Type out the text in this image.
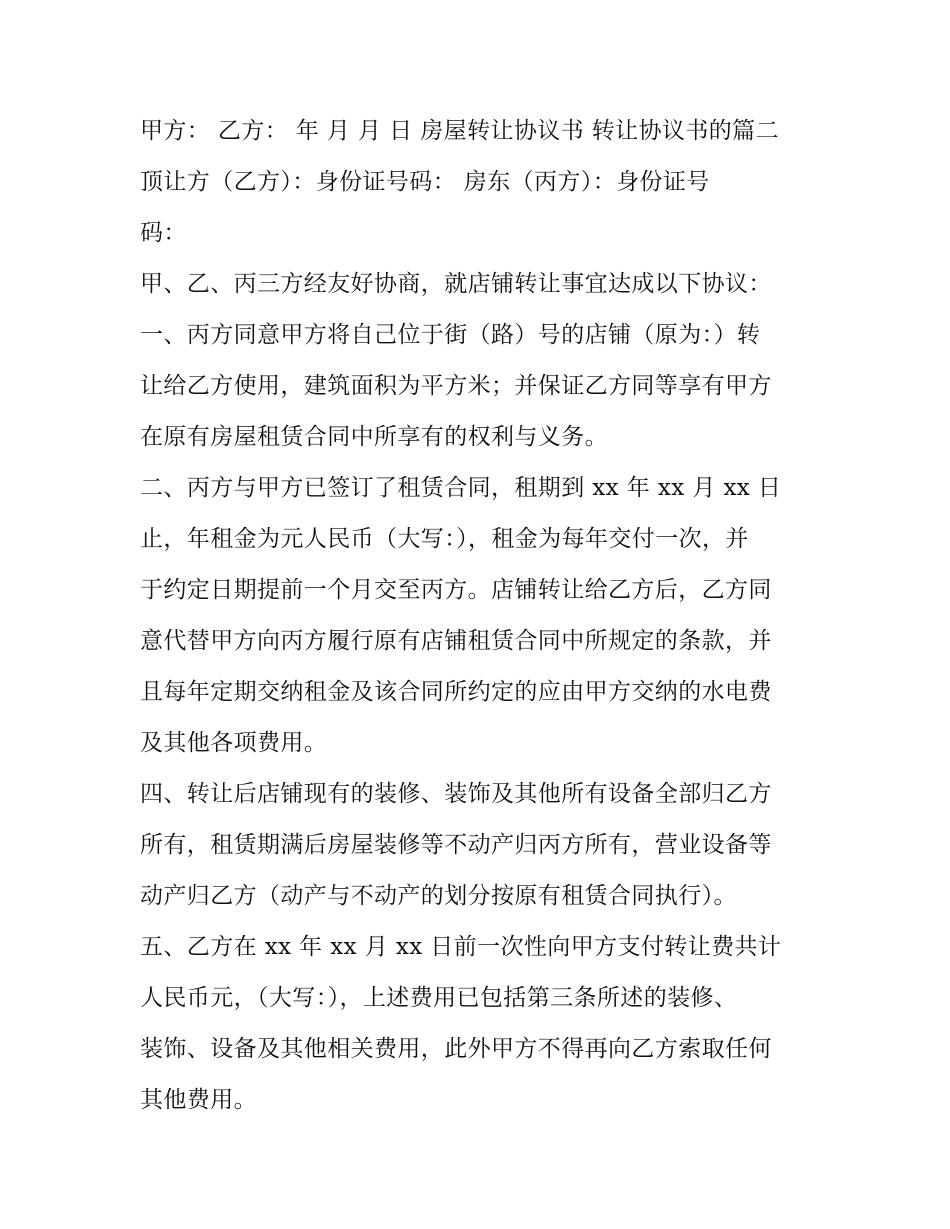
甲方： 乙方： 年 月 月 日 房屋转让协议书 转让协议书的篇二
顶让方（乙方）：身份证号码： 房东（丙方）：身份证号
码：
甲、乙、丙三方经友好协商，就店铺转让事宜达成以下协议：
一、丙方同意甲方将自己位于街（路）号的店铺（原为：）转
让给乙方使用，建筑面积为平方米；并保证乙方同等享有甲方
在原有房屋租赁合同中所享有的权利与义务。
二、丙方与甲方已签订了租赁合同，租期到 xx 年 xx 月 xx 日
止，年租金为元人民币（大写：），租金为每年交付一次，并
于约定日期提前一个月交至丙方。店铺转让给乙方后，乙方同
意代替甲方向丙方履行原有店铺租赁合同中所规定的条款，并
且每年定期交纳租金及该合同所约定的应由甲方交纳的水电费
及其他各项费用。
四、转让后店铺现有的装修、装饰及其他所有设备全部归乙方
所有，租赁期满后房屋装修等不动产归丙方所有，营业设备等
动产归乙方（动产与不动产的划分按原有租赁合同执行）。
五、乙方在 xx 年 xx 月 xx 日前一次性向甲方支付转让费共计
人民币元，（大写：），上述费用已包括第三条所述的装修、
装饰、设备及其他相关费用，此外甲方不得再向乙方索取任何
其他费用。
